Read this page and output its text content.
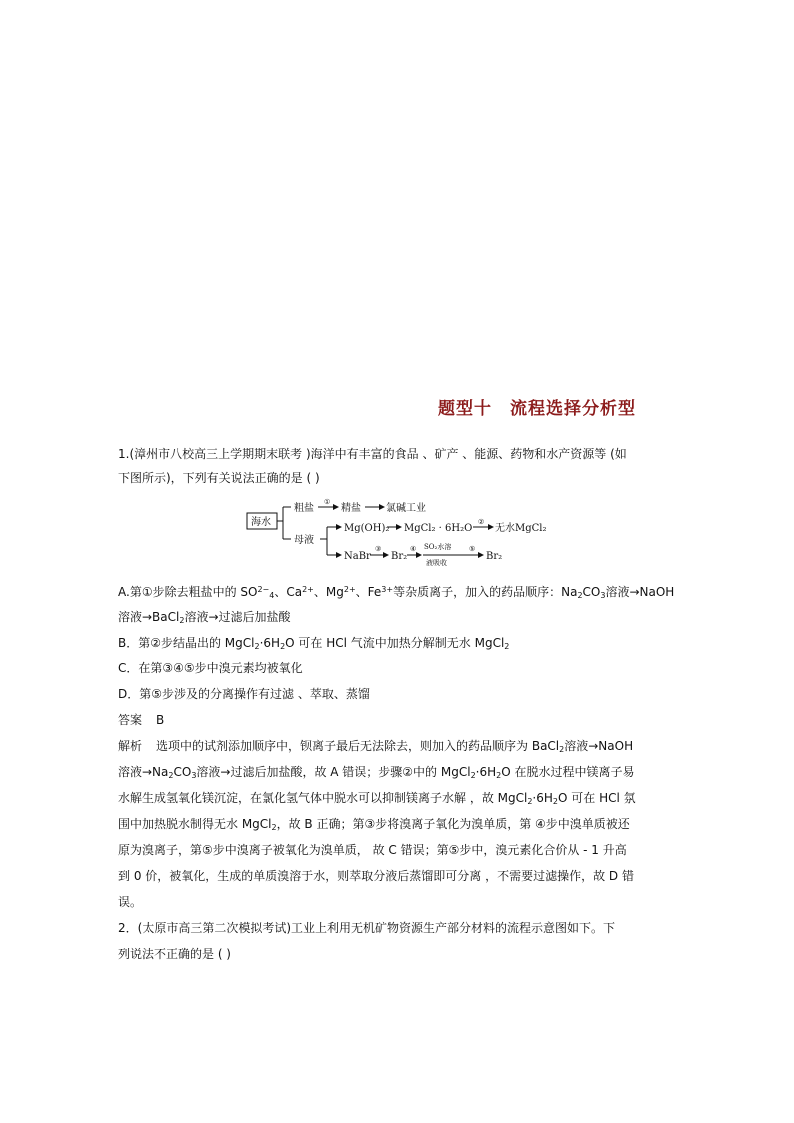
题型十 流程选择分析型
1.(漳州市八校高三上学期期末联考 )海洋中有丰富的食品 、矿产 、能源、药物和水产资源等 (如
下图所示)，下列有关说法正确的是 ( )
海水
粗盐
①
精盐	氯碱工业
母液
Mg(OH)₂ MgCl₂ · 6H₂O
②
无水MgCl₂
NaBr
③
Br₂
④ SO₂水溶
液吸收
⑤
Br₂
A.第①步除去粗盐中的 $SO^{2-}_4$、$Ca^{2+}$、$Mg^{2+}$、$Fe^{3+}$等杂质离子，加入的药品顺序：$Na_2CO_3$溶液→NaOH
溶液→BaCl$_2$溶液→过滤后加盐酸
B．第②步结晶出的 $MgCl_2\cdot 6H_2O$ 可在 HCl 气流中加热分解制无水 MgCl$_2$
C．在第③④⑤步中溴元素均被氧化
D．第⑤步涉及的分离操作有过滤 、萃取、蒸馏
答案 B
解析 选项中的试剂添加顺序中，钡离子最后无法除去，则加入的药品顺序为 BaCl$_2$溶液→NaOH
溶液$\to Na_2CO_3$溶液→过滤后加盐酸，故 A 错误；步骤②中的 $MgCl_2\cdot 6H_2O$ 在脱水过程中镁离子易
水解生成氢氧化镁沉淀，在氯化氢气体中脱水可以抑制镁离子水解 ，故 $MgCl_2\cdot 6H_2O$ 可在 HCl 氛
围中加热脱水制得无水 MgCl$_2$，故 B 正确；第③步将溴离子氧化为溴单质，第 ④步中溴单质被还
原为溴离子，第⑤步中溴离子被氧化为溴单质， 故 C 错误；第⑤步中，溴元素化合价从 - 1 升高
到 0 价，被氧化，生成的单质溴溶于水，则萃取分液后蒸馏即可分离 ，不需要过滤操作，故 D 错
误。
2．(太原市高三第二次模拟考试)工业上利用无机矿物资源生产部分材料的流程示意图如下。下
列说法不正确的是 ( )
